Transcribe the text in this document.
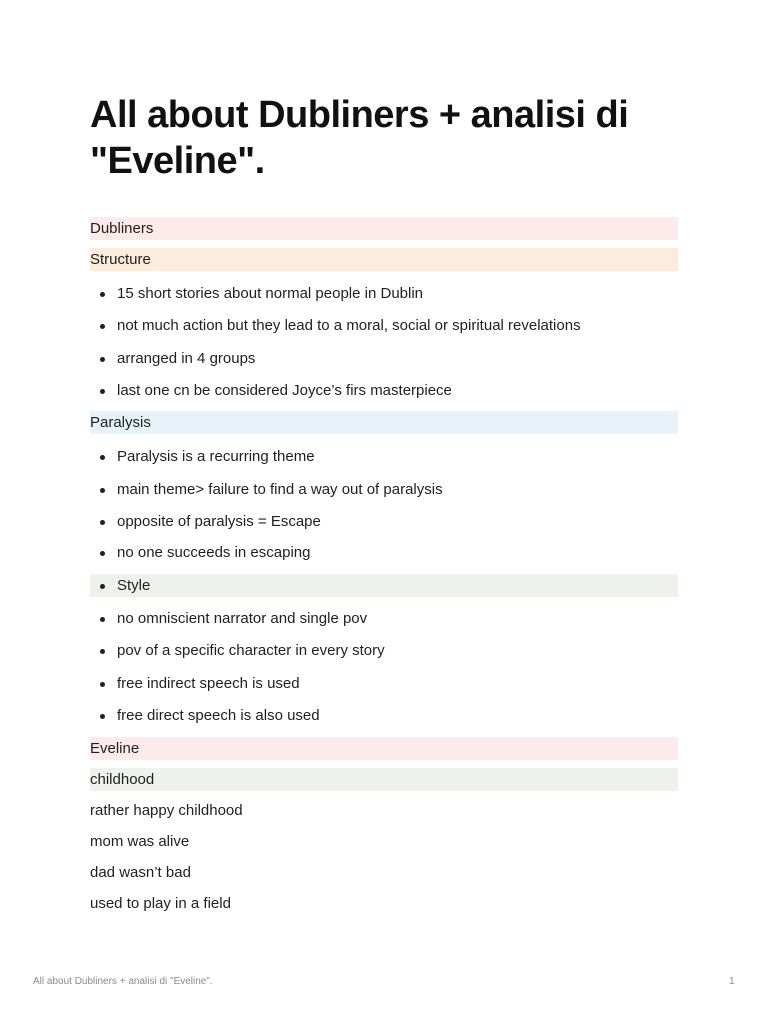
All about Dubliners + analisi di
"Eveline".
Dubliners
Structure
15 short stories about normal people in Dublin
not much action but they lead to a moral, social or spiritual revelations
arranged in 4 groups
last one cn be considered Joyce’s firs masterpiece
Paralysis
Paralysis is a recurring theme
main theme> failure to find a way out of paralysis
opposite of paralysis = Escape
no one succeeds in escaping
Style
no omniscient narrator and single pov
pov of a specific character in every story
free indirect speech is used
free direct speech is also used
Eveline
childhood
rather happy childhood
mom was alive
dad wasn’t bad
used to play in a field
All about Dubliners + analisi di "Eveline".	1
